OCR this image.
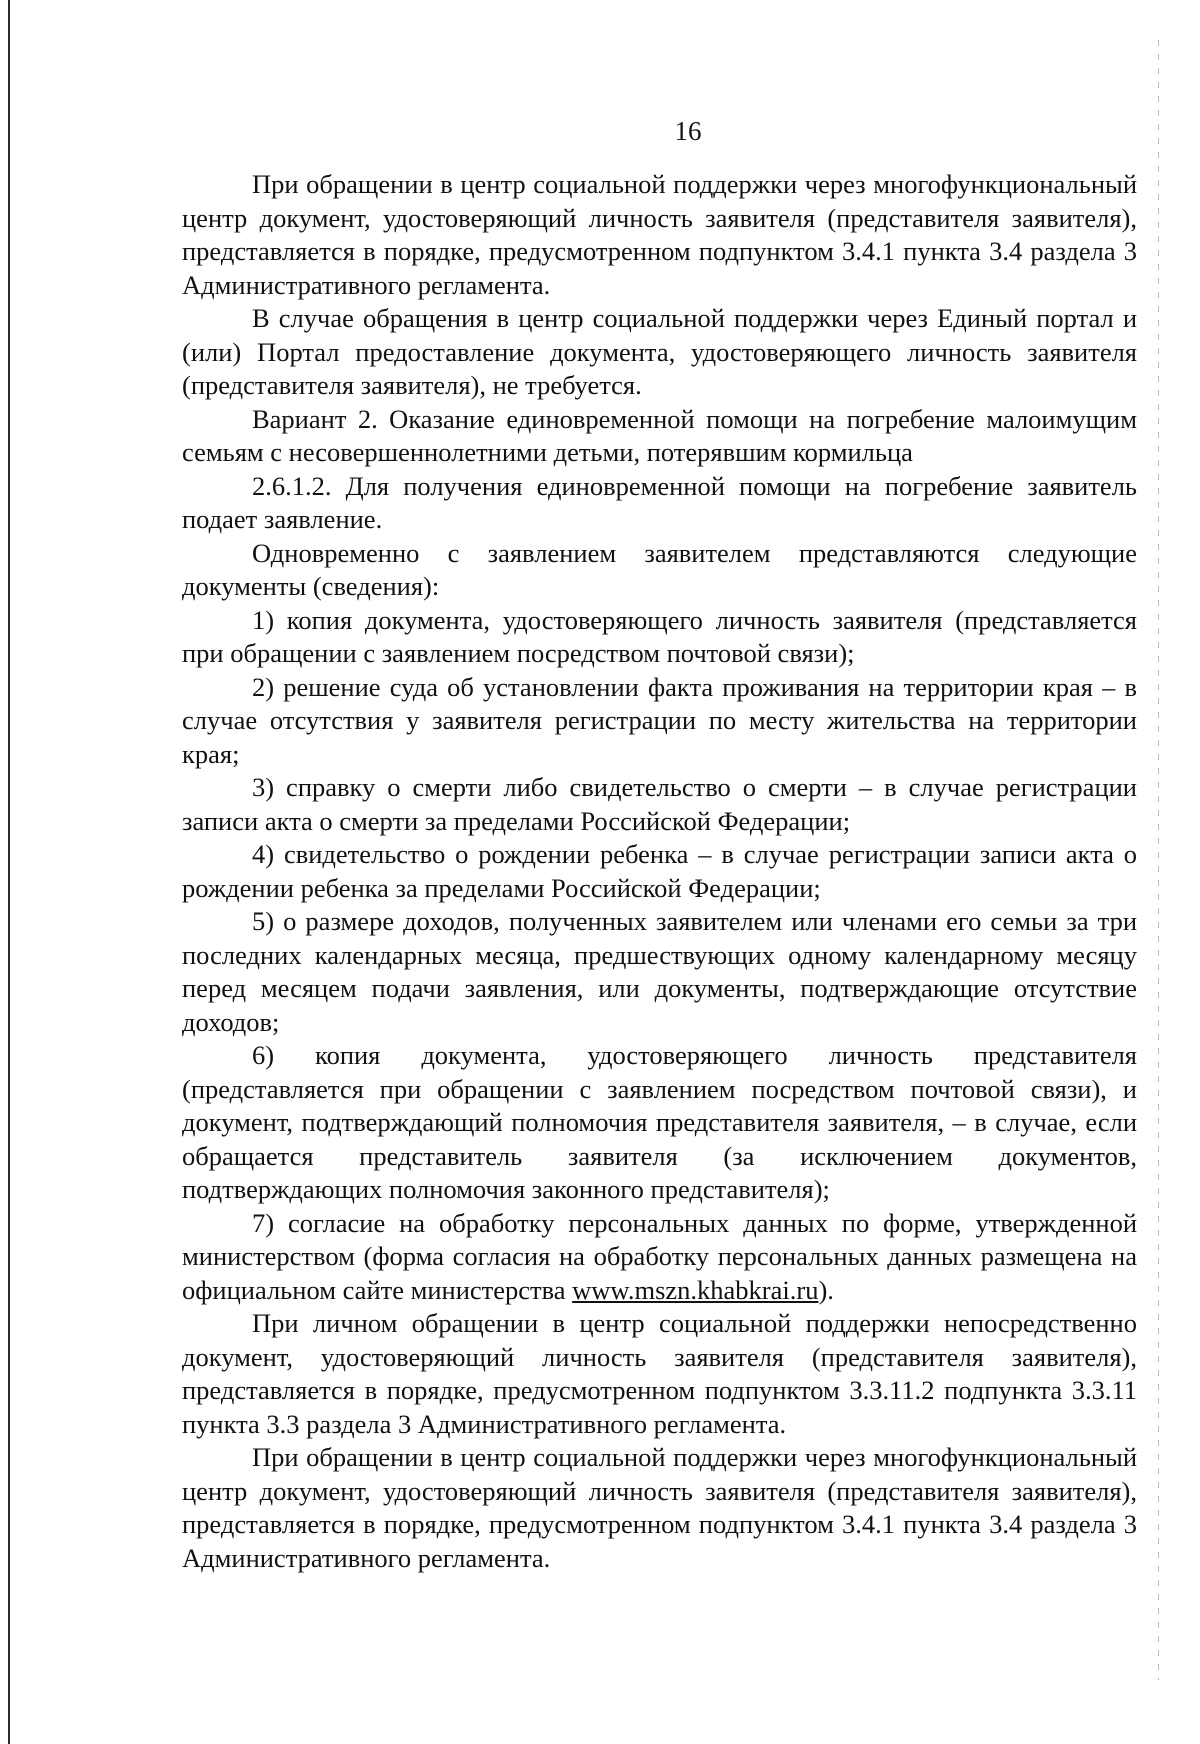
16

При обращении в центр социальной поддержки через многофункциональный центр документ, удостоверяющий личность заявителя (представителя заявителя), представляется в порядке, предусмотренном подпунктом 3.4.1 пункта 3.4 раздела 3 Административного регламента.

В случае обращения в центр социальной поддержки через Единый портал и (или) Портал предоставление документа, удостоверяющего личность заявителя (представителя заявителя), не требуется.

Вариант 2. Оказание единовременной помощи на погребение малоимущим семьям с несовершеннолетними детьми, потерявшим кормильца

2.6.1.2. Для получения единовременной помощи на погребение заявитель подает заявление.

Одновременно с заявлением заявителем представляются следующие документы (сведения):

1) копия документа, удостоверяющего личность заявителя (представляется при обращении с заявлением посредством почтовой связи);

2) решение суда об установлении факта проживания на территории края – в случае отсутствия у заявителя регистрации по месту жительства на территории края;

3) справку о смерти либо свидетельство о смерти – в случае регистрации записи акта о смерти за пределами Российской Федерации;

4) свидетельство о рождении ребенка – в случае регистрации записи акта о рождении ребенка за пределами Российской Федерации;

5) о размере доходов, полученных заявителем или членами его семьи за три последних календарных месяца, предшествующих одному календарному месяцу перед месяцем подачи заявления, или документы, подтверждающие отсутствие доходов;

6) копия документа, удостоверяющего личность представителя (представляется при обращении с заявлением посредством почтовой связи), и документ, подтверждающий полномочия представителя заявителя, – в случае, если обращается представитель заявителя (за исключением документов, подтверждающих полномочия законного представителя);

7) согласие на обработку персональных данных по форме, утвержденной министерством (форма согласия на обработку персональных данных размещена на официальном сайте министерства www.mszn.khabkrai.ru).

При личном обращении в центр социальной поддержки непосредственно документ, удостоверяющий личность заявителя (представителя заявителя), представляется в порядке, предусмотренном подпунктом 3.3.11.2 подпункта 3.3.11 пункта 3.3 раздела 3 Административного регламента.

При обращении в центр социальной поддержки через многофункциональный центр документ, удостоверяющий личность заявителя (представителя заявителя), представляется в порядке, предусмотренном подпунктом 3.4.1 пункта 3.4 раздела 3 Административного регламента.
